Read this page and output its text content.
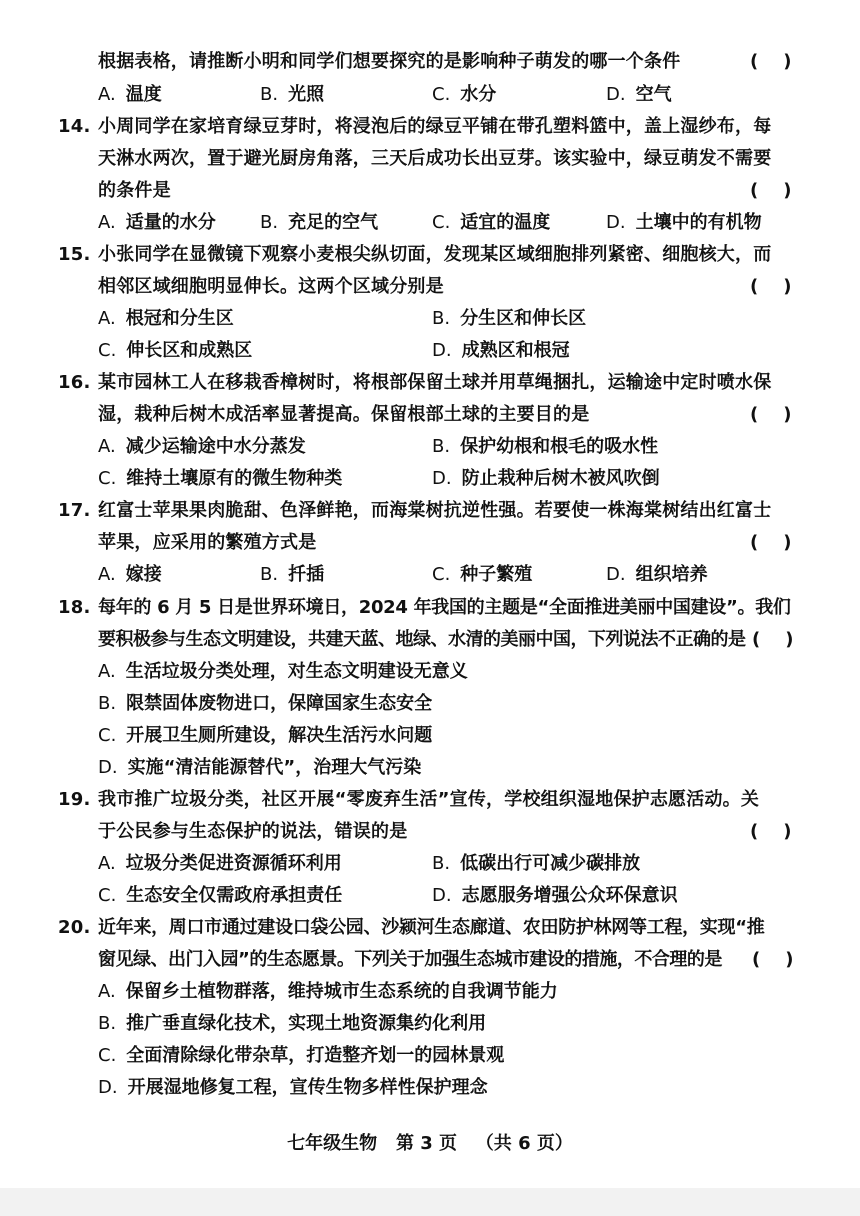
根据表格，请推断小明和同学们想要探究的是影响种子萌发的哪一个条件	(    )
A. 温度	B. 光照	C. 水分	D. 空气
14. 小周同学在家培育绿豆芽时，将浸泡后的绿豆平铺在带孔塑料篮中，盖上湿纱布，每
天淋水两次，置于避光厨房角落，三天后成功长出豆芽。该实验中，绿豆萌发不需要
的条件是	(    )
A. 适量的水分 B. 充足的空气	C. 适宜的温度	D. 土壤中的有机物
15. 小张同学在显微镜下观察小麦根尖纵切面，发现某区域细胞排列紧密、细胞核大，而
相邻区域细胞明显伸长。这两个区域分别是	(    )
A. 根冠和分生区	B. 分生区和伸长区
C. 伸长区和成熟区	D. 成熟区和根冠
16. 某市园林工人在移栽香樟树时，将根部保留土球并用草绳捆扎，运输途中定时喷水保
湿，栽种后树木成活率显著提高。保留根部土球的主要目的是	(    )
A. 减少运输途中水分蒸发	B. 保护幼根和根毛的吸水性
C. 维持土壤原有的微生物种类	D. 防止栽种后树木被风吹倒
17. 红富士苹果果肉脆甜、色泽鲜艳，而海棠树抗逆性强。若要使一株海棠树结出红富士
苹果，应采用的繁殖方式是	(    )
A. 嫁接	B. 扦插	C. 种子繁殖	D. 组织培养
18. 每年的 6 月 5 日是世界环境日，2024 年我国的主题是“全面推进美丽中国建设”。我们
要积极参与生态文明建设，共建天蓝、地绿、水清的美丽中国，下列说法不正确的是 (    )
A. 生活垃圾分类处理，对生态文明建设无意义
B. 限禁固体废物进口，保障国家生态安全
C. 开展卫生厕所建设，解决生活污水问题
D. 实施“清洁能源替代”，治理大气污染
19. 我市推广垃圾分类，社区开展“零废弃生活”宣传，学校组织湿地保护志愿活动。关
于公民参与生态保护的说法，错误的是	(    )
A. 垃圾分类促进资源循环利用	B. 低碳出行可减少碳排放
C. 生态安全仅需政府承担责任	D. 志愿服务增强公众环保意识
20. 近年来，周口市通过建设口袋公园、沙颍河生态廊道、农田防护林网等工程，实现“推
窗见绿、出门入园”的生态愿景。下列关于加强生态城市建设的措施，不合理的是 (    )
A. 保留乡土植物群落，维持城市生态系统的自我调节能力
B. 推广垂直绿化技术，实现土地资源集约化利用
C. 全面清除绿化带杂草，打造整齐划一的园林景观
D. 开展湿地修复工程，宣传生物多样性保护理念
七年级生物   第 3 页   （共 6 页）
